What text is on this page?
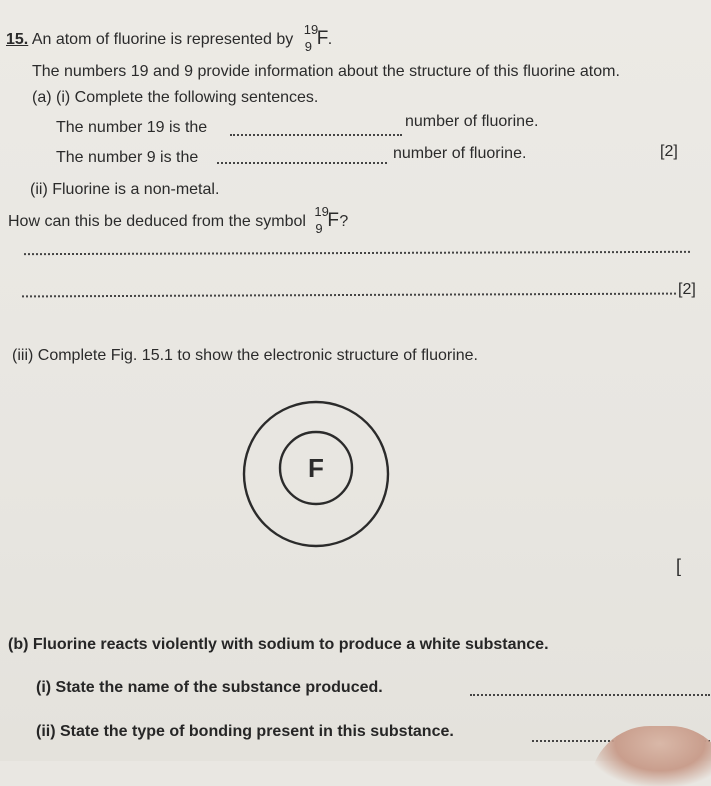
15. An atom of fluorine is represented by
19
9 F .
The numbers 19 and 9 provide information about the structure of this fluorine atom.
(a) (i) Complete the following sentences.
The number 19 is the	number of fluorine.
The number 9 is the	number of fluorine.	[2]
(ii) Fluorine is a non-metal.
How can this be deduced from the symbol
19
9 F ?
[2]
(iii) Complete Fig. 15.1 to show the electronic structure of fluorine.
F
[
(b) Fluorine reacts violently with sodium to produce a white substance.
(i) State the name of the substance produced.
(ii) State the type of bonding present in this substance.
